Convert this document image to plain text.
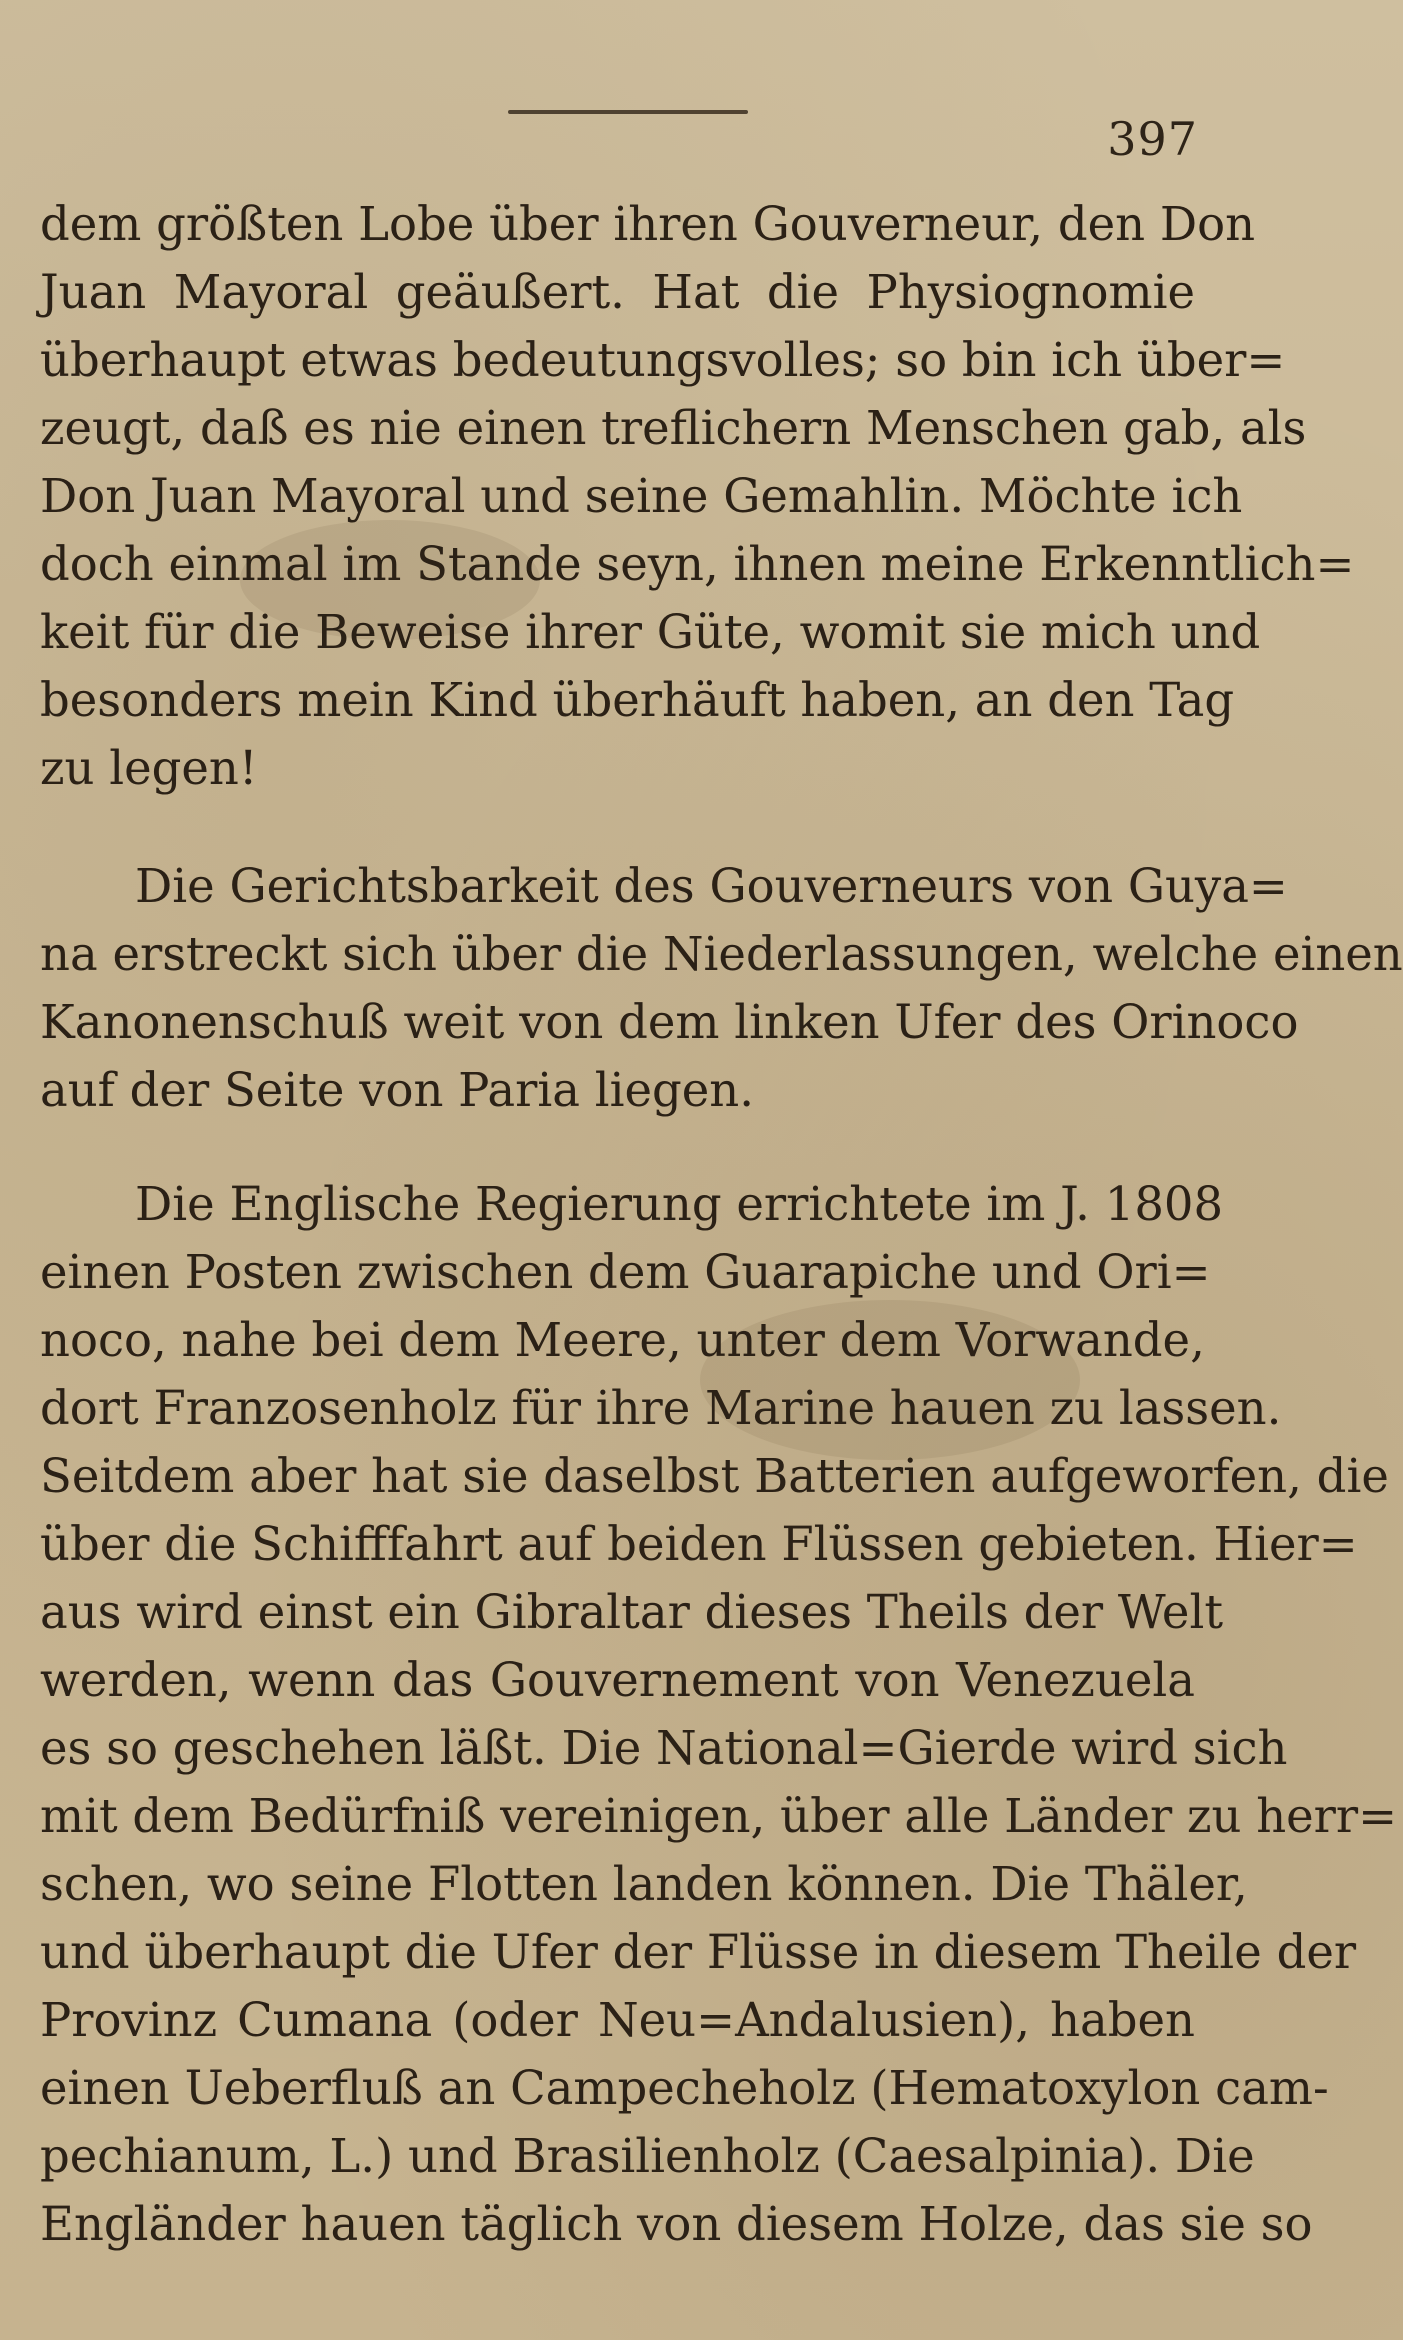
397
dem größten Lobe über ihren Gouverneur, den Don
Juan Mayoral geäußert. Hat die Physiognomie
überhaupt etwas bedeutungsvolles; so bin ich über=
zeugt, daß es nie einen treflichern Menschen gab, als
Don Juan Mayoral und seine Gemahlin. Möchte ich
doch einmal im Stande seyn, ihnen meine Erkenntlich=
keit für die Beweise ihrer Güte, womit sie mich und
besonders mein Kind überhäuft haben, an den Tag
zu legen!
Die Gerichtsbarkeit des Gouverneurs von Guya=
na erstreckt sich über die Niederlassungen, welche einen
Kanonenschuß weit von dem linken Ufer des Orinoco
auf der Seite von Paria liegen.
Die Englische Regierung errichtete im J. 1808
einen Posten zwischen dem Guarapiche und Ori=
noco, nahe bei dem Meere, unter dem Vorwande,
dort Franzosenholz für ihre Marine hauen zu lassen.
Seitdem aber hat sie daselbst Batterien aufgeworfen, die
über die Schifffahrt auf beiden Flüssen gebieten. Hier=
aus wird einst ein Gibraltar dieses Theils der Welt
werden, wenn das Gouvernement von Venezuela
es so geschehen läßt. Die National=Gierde wird sich
mit dem Bedürfniß vereinigen, über alle Länder zu herr=
schen, wo seine Flotten landen können. Die Thäler,
und überhaupt die Ufer der Flüsse in diesem Theile der
Provinz Cumana (oder Neu=Andalusien), haben
einen Ueberfluß an Campecheholz (Hematoxylon cam-
pechianum, L.) und Brasilienholz (Caesalpinia). Die
Engländer hauen täglich von diesem Holze, das sie so
